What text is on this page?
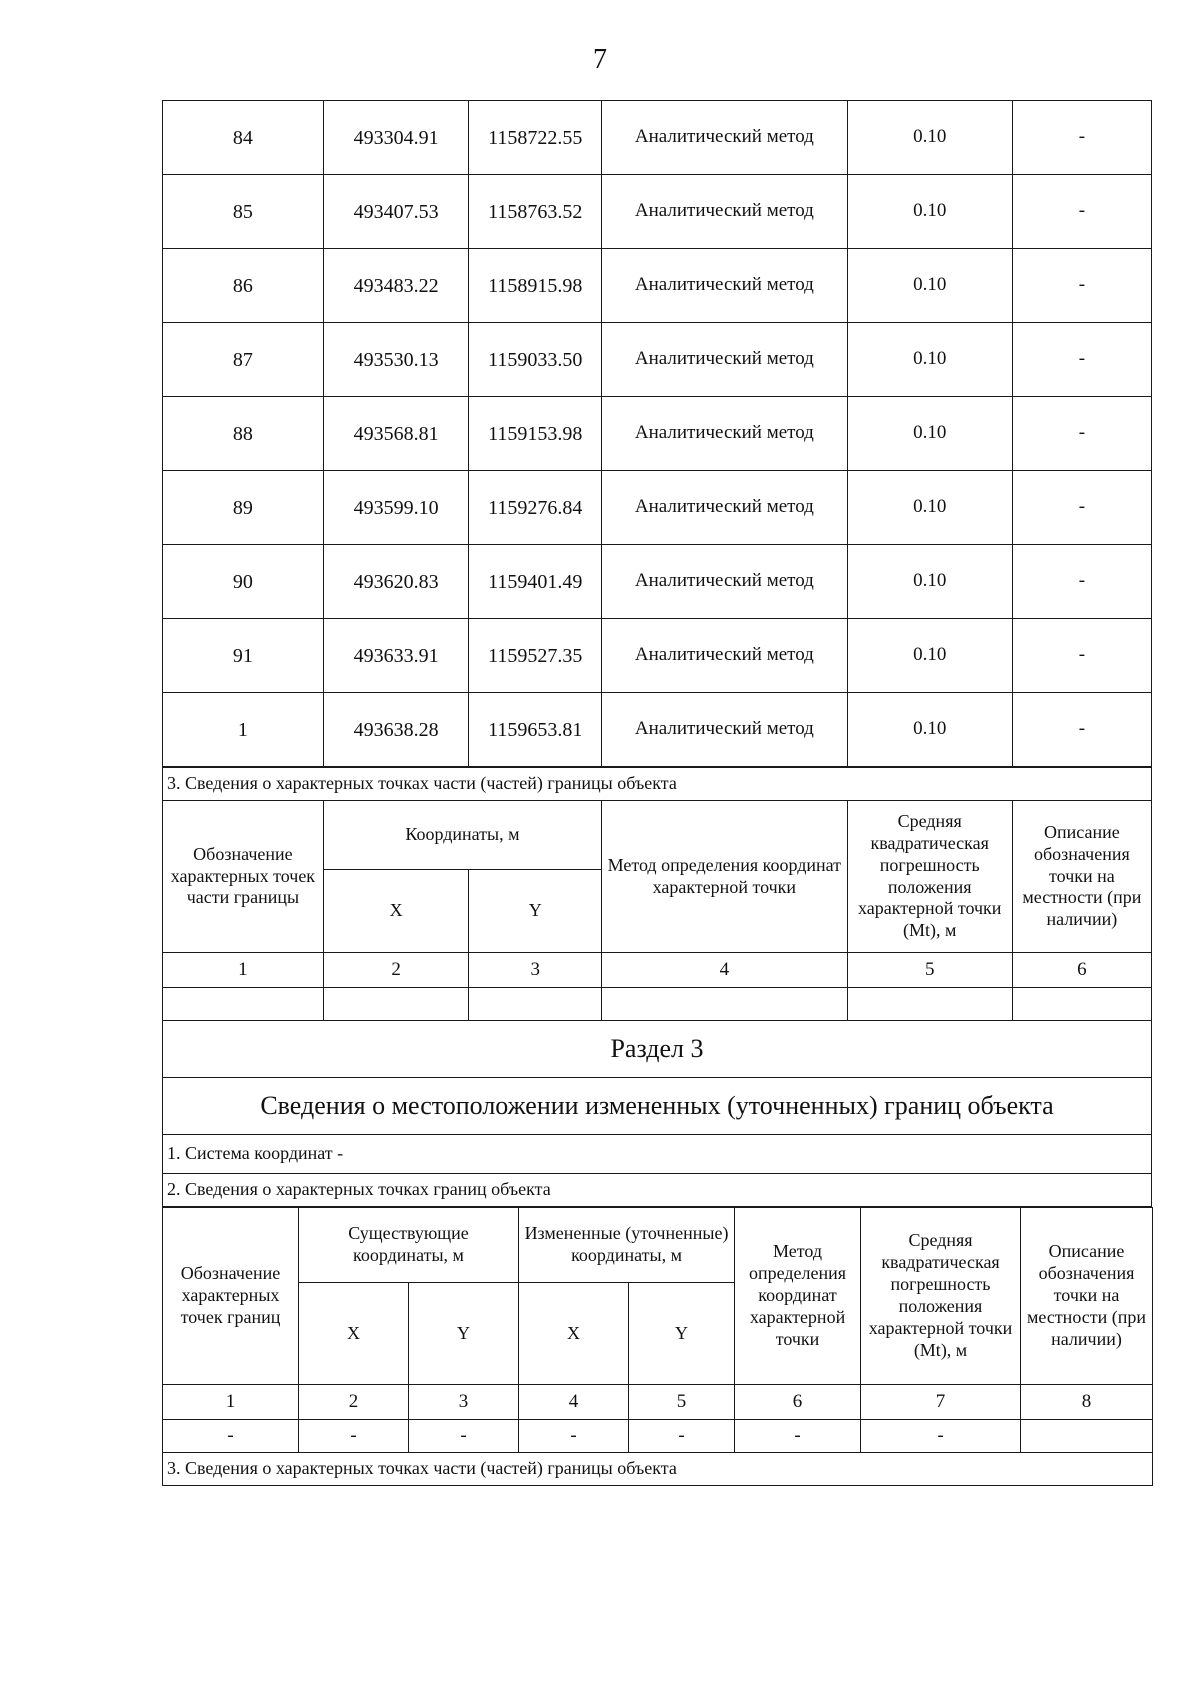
7
84	493304.91	1158722.55	Аналитический метод	0.10	-
85	493407.53	1158763.52	Аналитический метод	0.10	-
86	493483.22	1158915.98	Аналитический метод	0.10	-
87	493530.13	1159033.50	Аналитический метод	0.10	-
88	493568.81	1159153.98	Аналитический метод	0.10	-
89	493599.10	1159276.84	Аналитический метод	0.10	-
90	493620.83	1159401.49	Аналитический метод	0.10	-
91	493633.91	1159527.35	Аналитический метод	0.10	-
1	493638.28	1159653.81	Аналитический метод	0.10	-
3. Сведения о характерных точках части (частей) границы объекта					
Обозначение характерных точек части границы	Координаты, м		Метод определения координат характерной точки	Средняя квадратическая погрешность положения характерной точки (Mt), м	Описание обозначения точки на местности (при наличии)
	X	Y			
1	2	3	4	5	6

Раздел 3					
Сведения о местоположении измененных (уточненных) границ объекта					
1. Система координат -					
2. Сведения о характерных точках границ объекта					
Обозначение характерных точек границ	Существующие координаты, м		Измененные (уточненные) координаты, м		Метод определения координат характерной точки	Средняя квадратическая погрешность положения характерной точки (Mt), м	Описание обозначения точки на местности (при наличии)
	X	Y	X	Y			
1	2	3	4	5	6	7	8
-	-	-	-	-	-	-	
3. Сведения о характерных точках части (частей) границы объекта							
